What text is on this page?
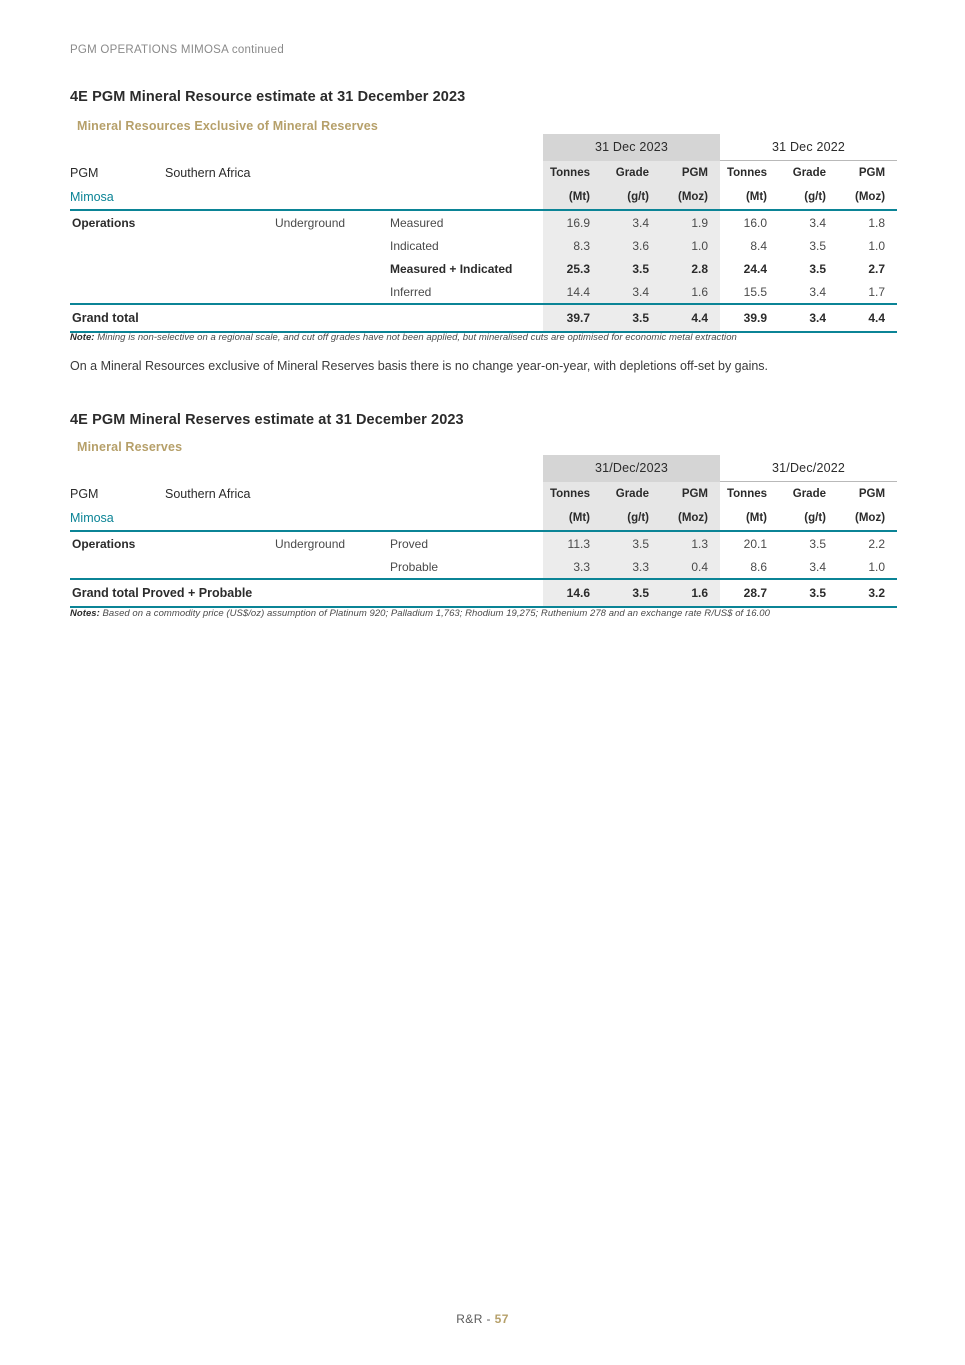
PGM OPERATIONS MIMOSA continued
4E PGM Mineral Resource estimate at 31 December 2023
Mineral Resources Exclusive of Mineral Reserves
				31 Dec 2023			31 Dec 2022		
PGM	Southern Africa			Tonnes	Grade	PGM	Tonnes	Grade	PGM
Mimosa				(Mt)	(g/t)	(Moz)	(Mt)	(g/t)	(Moz)
Operations		Underground	Measured	16.9	3.4	1.9	16.0	3.4	1.8
			Indicated	8.3	3.6	1.0	8.4	3.5	1.0
			Measured + Indicated	25.3	3.5	2.8	24.4	3.5	2.7
			Inferred	14.4	3.4	1.6	15.5	3.4	1.7
Grand total				39.7	3.5	4.4	39.9	3.4	4.4
Note: Mining is non-selective on a regional scale, and cut off grades have not been applied, but mineralised cuts are optimised for economic metal extraction
On a Mineral Resources exclusive of Mineral Reserves basis there is no change year-on-year, with depletions off-set by gains.
4E PGM Mineral Reserves estimate at 31 December 2023
Mineral Reserves
				31/Dec/2023			31/Dec/2022		
PGM	Southern Africa			Tonnes	Grade	PGM	Tonnes	Grade	PGM
Mimosa				(Mt)	(g/t)	(Moz)	(Mt)	(g/t)	(Moz)
Operations		Underground	Proved	11.3	3.5	1.3	20.1	3.5	2.2
			Probable	3.3	3.3	0.4	8.6	3.4	1.0
Grand total Proved + Probable				14.6	3.5	1.6	28.7	3.5	3.2
Notes: Based on a commodity price (US$/oz) assumption of Platinum 920; Palladium 1,763; Rhodium 19,275; Ruthenium 278 and an exchange rate R/US$ of 16.00
R&R - 57
